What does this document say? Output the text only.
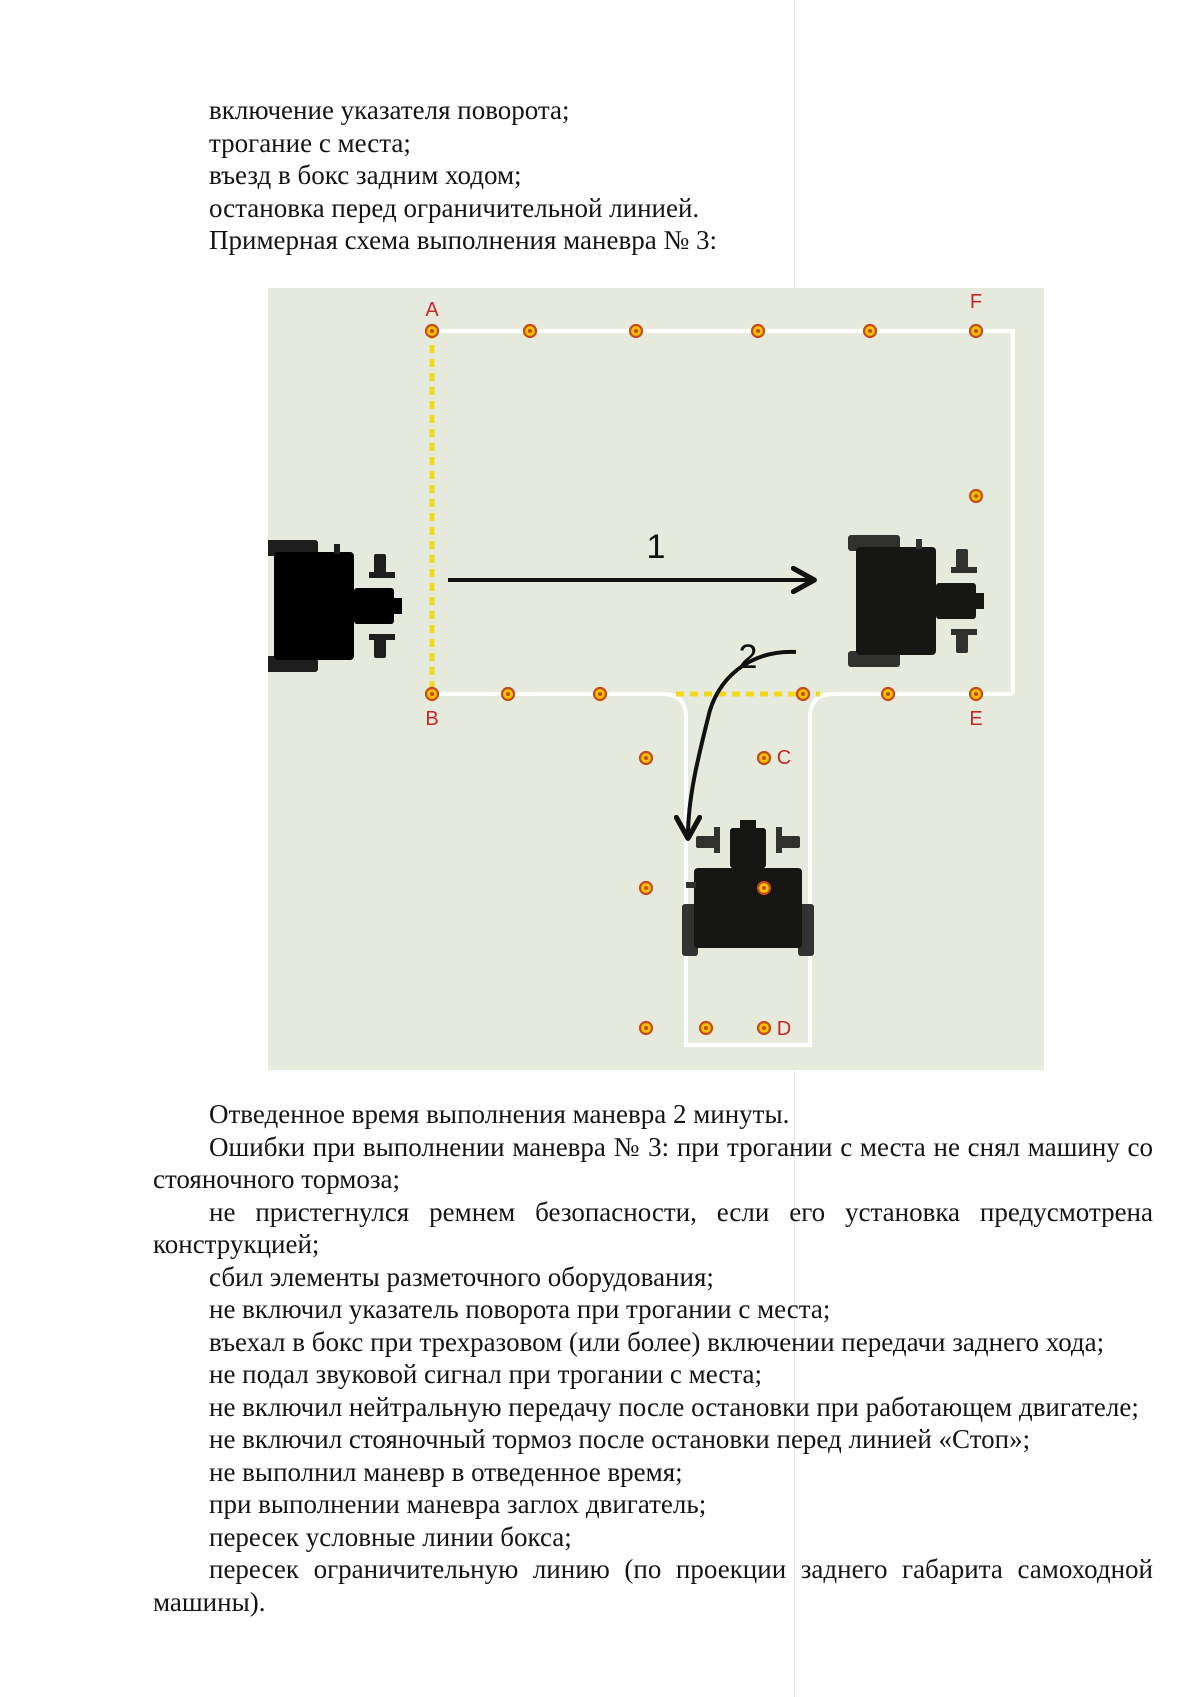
включение указателя поворота;
трогание с места;
въезд в бокс задним ходом;
остановка перед ограничительной линией.
Примерная схема выполнения маневра № 3:
A
B
C
D
E
F
1
2

Отведенное время выполнения маневра 2 минуты.

Ошибки при выполнении маневра № 3: при трогании с места не снял машину со стояночного тормоза;

не пристегнулся ремнем безопасности, если его установка предусмотрена конструкцией;

сбил элементы разметочного оборудования;

не включил указатель поворота при трогании с места;

въехал в бокс при трехразовом (или более) включении передачи заднего хода;

не подал звуковой сигнал при трогании с места;

не включил нейтральную передачу после остановки при работающем двигателе;

не включил стояночный тормоз после остановки перед линией «Стоп»;

не выполнил маневр в отведенное время;

при выполнении маневра заглох двигатель;

пересек условные линии бокса;

пересек ограничительную линию (по проекции заднего габарита самоходной машины).
